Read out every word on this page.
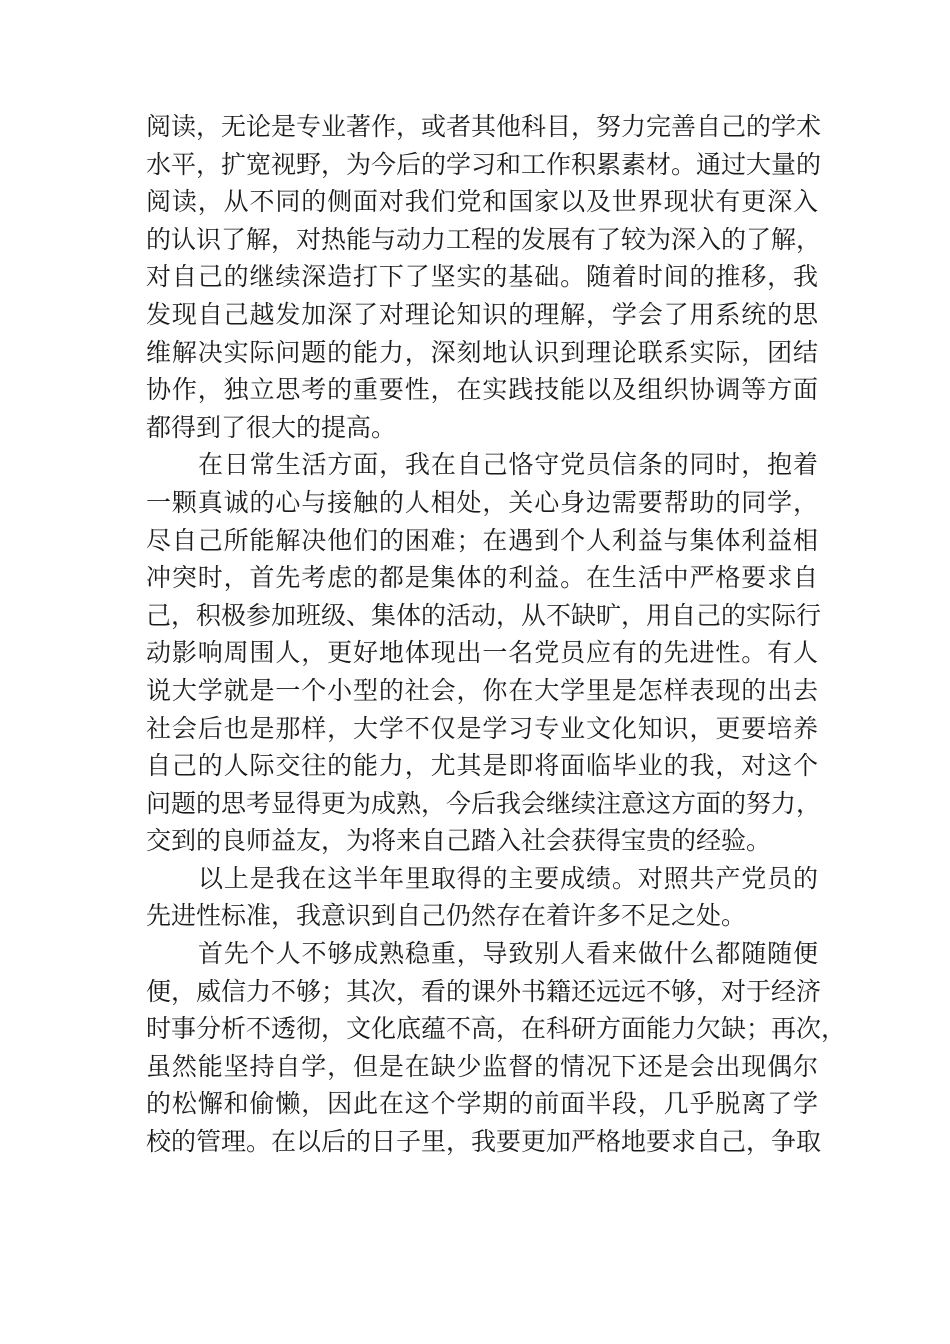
阅读，无论是专业著作，或者其他科目，努力完善自己的学术
水平，扩宽视野，为今后的学习和工作积累素材。通过大量的
阅读，从不同的侧面对我们党和国家以及世界现状有更深入
的认识了解，对热能与动力工程的发展有了较为深入的了解，
对自己的继续深造打下了坚实的基础。随着时间的推移，我
发现自己越发加深了对理论知识的理解，学会了用系统的思
维解决实际问题的能力，深刻地认识到理论联系实际，团结
协作，独立思考的重要性，在实践技能以及组织协调等方面
都得到了很大的提高。
在日常生活方面，我在自己恪守党员信条的同时，抱着
一颗真诚的心与接触的人相处，关心身边需要帮助的同学，
尽自己所能解决他们的困难；在遇到个人利益与集体利益相
冲突时，首先考虑的都是集体的利益。在生活中严格要求自
己，积极参加班级、集体的活动，从不缺旷，用自己的实际行
动影响周围人，更好地体现出一名党员应有的先进性。有人
说大学就是一个小型的社会，你在大学里是怎样表现的出去
社会后也是那样，大学不仅是学习专业文化知识，更要培养
自己的人际交往的能力，尤其是即将面临毕业的我，对这个
问题的思考显得更为成熟，今后我会继续注意这方面的努力，
交到的良师益友，为将来自己踏入社会获得宝贵的经验。
以上是我在这半年里取得的主要成绩。对照共产党员的
先进性标准，我意识到自己仍然存在着许多不足之处。
首先个人不够成熟稳重，导致别人看来做什么都随随便
便，威信力不够；其次，看的课外书籍还远远不够，对于经济
时事分析不透彻，文化底蕴不高，在科研方面能力欠缺；再次，
虽然能坚持自学，但是在缺少监督的情况下还是会出现偶尔
的松懈和偷懒，因此在这个学期的前面半段，几乎脱离了学
校的管理。在以后的日子里，我要更加严格地要求自己，争取
